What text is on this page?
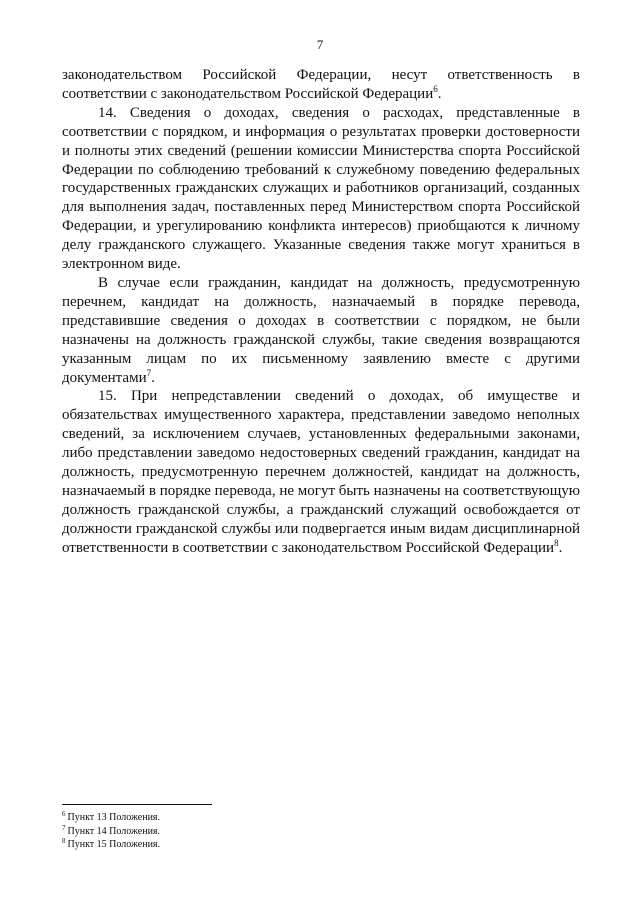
7

законодательством Российской Федерации, несут ответственность в соответствии с законодательством Российской Федерации$^6$.

14. Сведения о доходах, сведения о расходах, представленные в соответствии с порядком, и информация о результатах проверки достоверности и полноты этих сведений (решении комиссии Министерства спорта Российской Федерации по соблюдению требований к служебному поведению федеральных государственных гражданских служащих и работников организаций, созданных для выполнения задач, поставленных перед Министерством спорта Российской Федерации, и урегулированию конфликта интересов) приобщаются к личному делу гражданского служащего. Указанные сведения также могут храниться в электронном виде.

В случае если гражданин, кандидат на должность, предусмотренную перечнем, кандидат на должность, назначаемый в порядке перевода, представившие сведения о доходах в соответствии с порядком, не были назначены на должность гражданской службы, такие сведения возвращаются указанным лицам по их письменному заявлению вместе с другими документами$^7$.

15. При непредставлении сведений о доходах, об имуществе и обязательствах имущественного характера, представлении заведомо неполных сведений, за исключением случаев, установленных федеральными законами, либо представлении заведомо недостоверных сведений гражданин, кандидат на должность, предусмотренную перечнем должностей, кандидат на должность, назначаемый в порядке перевода, не могут быть назначены на соответствующую должность гражданской службы, а гражданский служащий освобождается от должности гражданской службы или подвергается иным видам дисциплинарной ответственности в соответствии с законодательством Российской Федерации$^8$.

$^6$ Пункт 13 Положения.
$^7$ Пункт 14 Положения.
$^8$ Пункт 15 Положения.
